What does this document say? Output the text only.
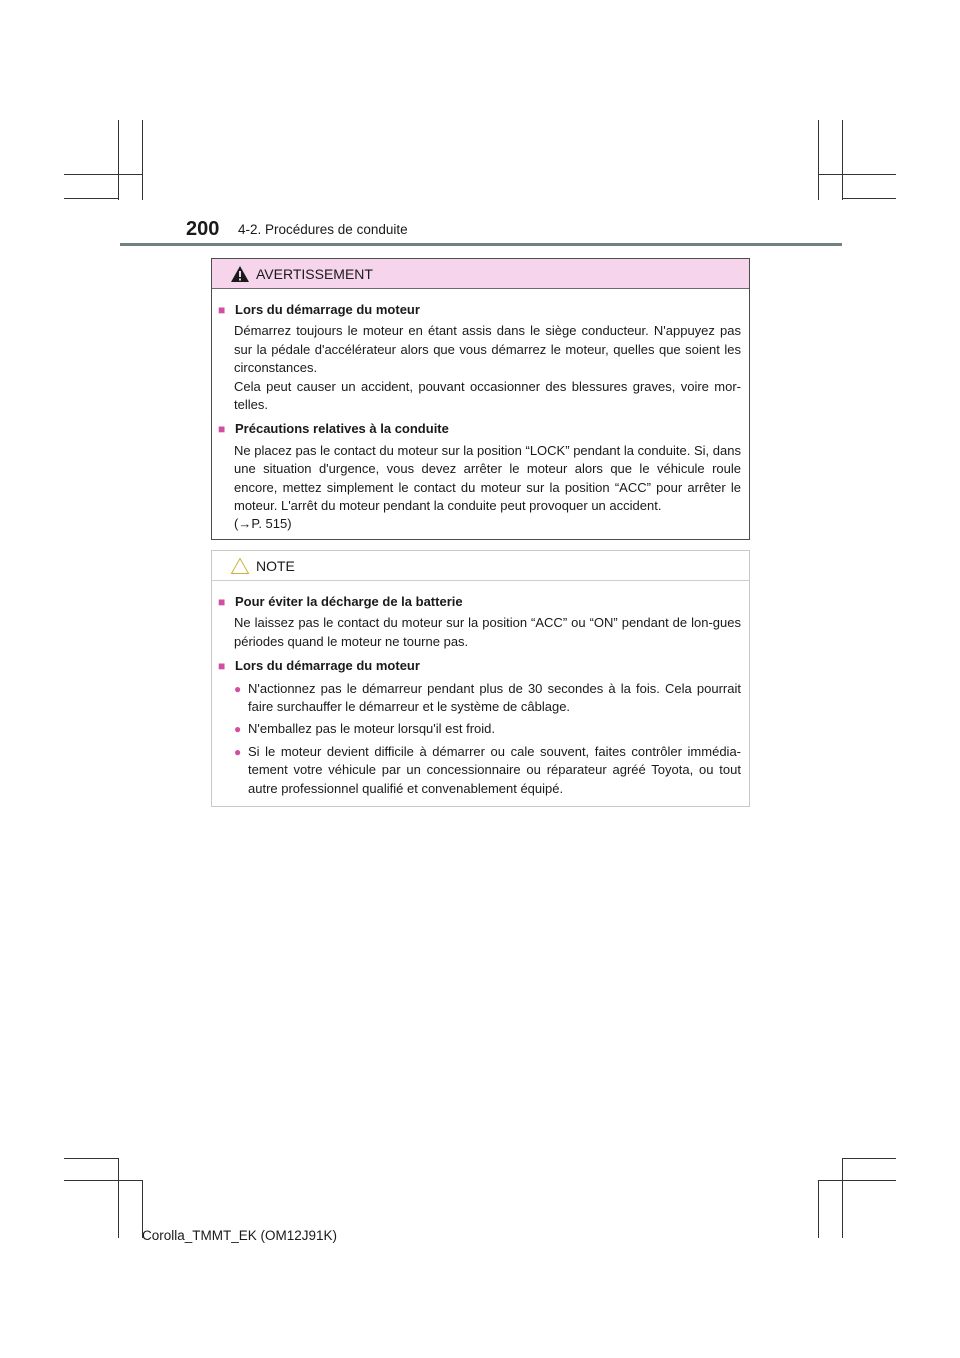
200 4-2. Procédures de conduite
AVERTISSEMENT
■ Lors du démarrage du moteur
Démarrez toujours le moteur en étant assis dans le siège conducteur. N'appuyez pas sur la pédale d'accélérateur alors que vous démarrez le moteur, quelles que soient les circonstances.
Cela peut causer un accident, pouvant occasionner des blessures graves, voire mor-telles.
■ Précautions relatives à la conduite
Ne placez pas le contact du moteur sur la position “LOCK” pendant la conduite. Si, dans une situation d'urgence, vous devez arrêter le moteur alors que le véhicule roule encore, mettez simplement le contact du moteur sur la position “ACC” pour arrêter le moteur. L'arrêt du moteur pendant la conduite peut provoquer un accident.
(→P. 515)
NOTE
■ Pour éviter la décharge de la batterie
Ne laissez pas le contact du moteur sur la position “ACC” ou “ON” pendant de lon-gues périodes quand le moteur ne tourne pas.
■ Lors du démarrage du moteur
● N'actionnez pas le démarreur pendant plus de 30 secondes à la fois. Cela pourrait faire surchauffer le démarreur et le système de câblage.
● N'emballez pas le moteur lorsqu'il est froid.
● Si le moteur devient difficile à démarrer ou cale souvent, faites contrôler immédia-tement votre véhicule par un concessionnaire ou réparateur agréé Toyota, ou tout autre professionnel qualifié et convenablement équipé.
Corolla_TMMT_EK (OM12J91K)
